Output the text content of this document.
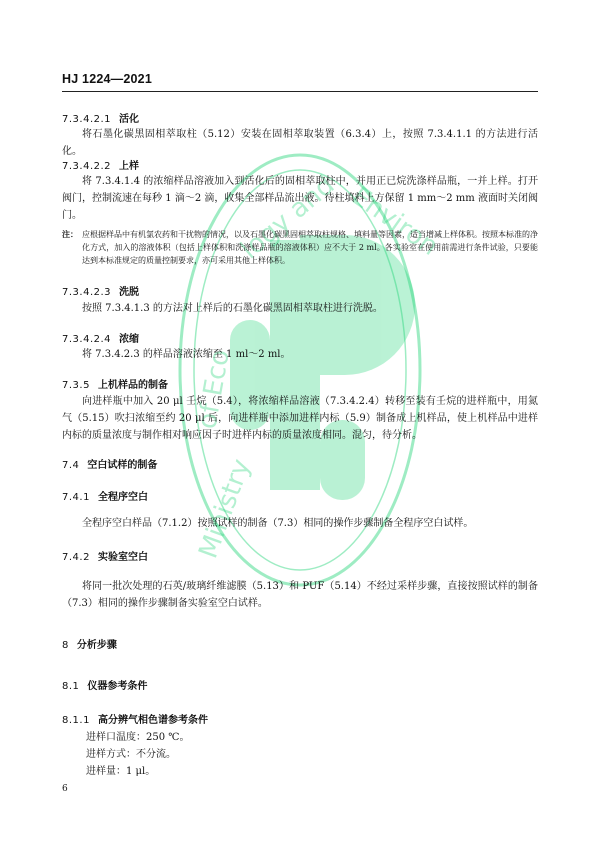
Ministry
of Eco
logy and Environ
HJ 1224—2021
7.3.4.2.1 活化
将石墨化碳黑固相萃取柱（5.12）安装在固相萃取装置（6.3.4）上，按照 7.3.4.1.1 的方法进行活化。
7.3.4.2.2 上样
将 7.3.4.1.4 的浓缩样品溶液加入到活化后的固相萃取柱中，并用正已烷洗涤样品瓶，一并上样。打开阀门，控制流速在每秒 1 滴～2 滴，收集全部样品流出液。待柱填料上方保留 1 mm～2 mm 液面时关闭阀门。
注： 应根据样品中有机氯农药和干扰物的情况，以及石墨化碳黑固相萃取柱规格、填料量等因素，适当增减上样体积。按照本标准的净化方式，加入的溶液体积（包括上样体积和洗涤样品瓶的溶液体积）应不大于 2 ml。各实验室在使用前需进行条件试验，只要能达到本标准规定的质量控制要求，亦可采用其他上样体积。
7.3.4.2.3 洗脱
按照 7.3.4.1.3 的方法对上样后的石墨化碳黑固相萃取柱进行洗脱。
7.3.4.2.4 浓缩
将 7.3.4.2.3 的样品溶液浓缩至 1 ml～2 ml。
7.3.5 上机样品的制备
向进样瓶中加入 20 μl 壬烷（5.4），将浓缩样品溶液（7.3.4.2.4）转移至装有壬烷的进样瓶中，用氮气（5.15）吹扫浓缩至约 20 μl 后，向进样瓶中添加进样内标（5.9）制备成上机样品，使上机样品中进样内标的质量浓度与制作相对响应因子时进样内标的质量浓度相同。混匀，待分析。
7.4 空白试样的制备
7.4.1 全程序空白
全程序空白样品（7.1.2）按照试样的制备（7.3）相同的操作步骤制备全程序空白试样。
7.4.2 实验室空白
将同一批次处理的石英/玻璃纤维滤膜（5.13）和 PUF（5.14）不经过采样步骤，直接按照试样的制备（7.3）相同的操作步骤制备实验室空白试样。
8 分析步骤
8.1 仪器参考条件
8.1.1 高分辨气相色谱参考条件
进样口温度：250 ℃。
进样方式：不分流。
进样量：1 μl。
6
